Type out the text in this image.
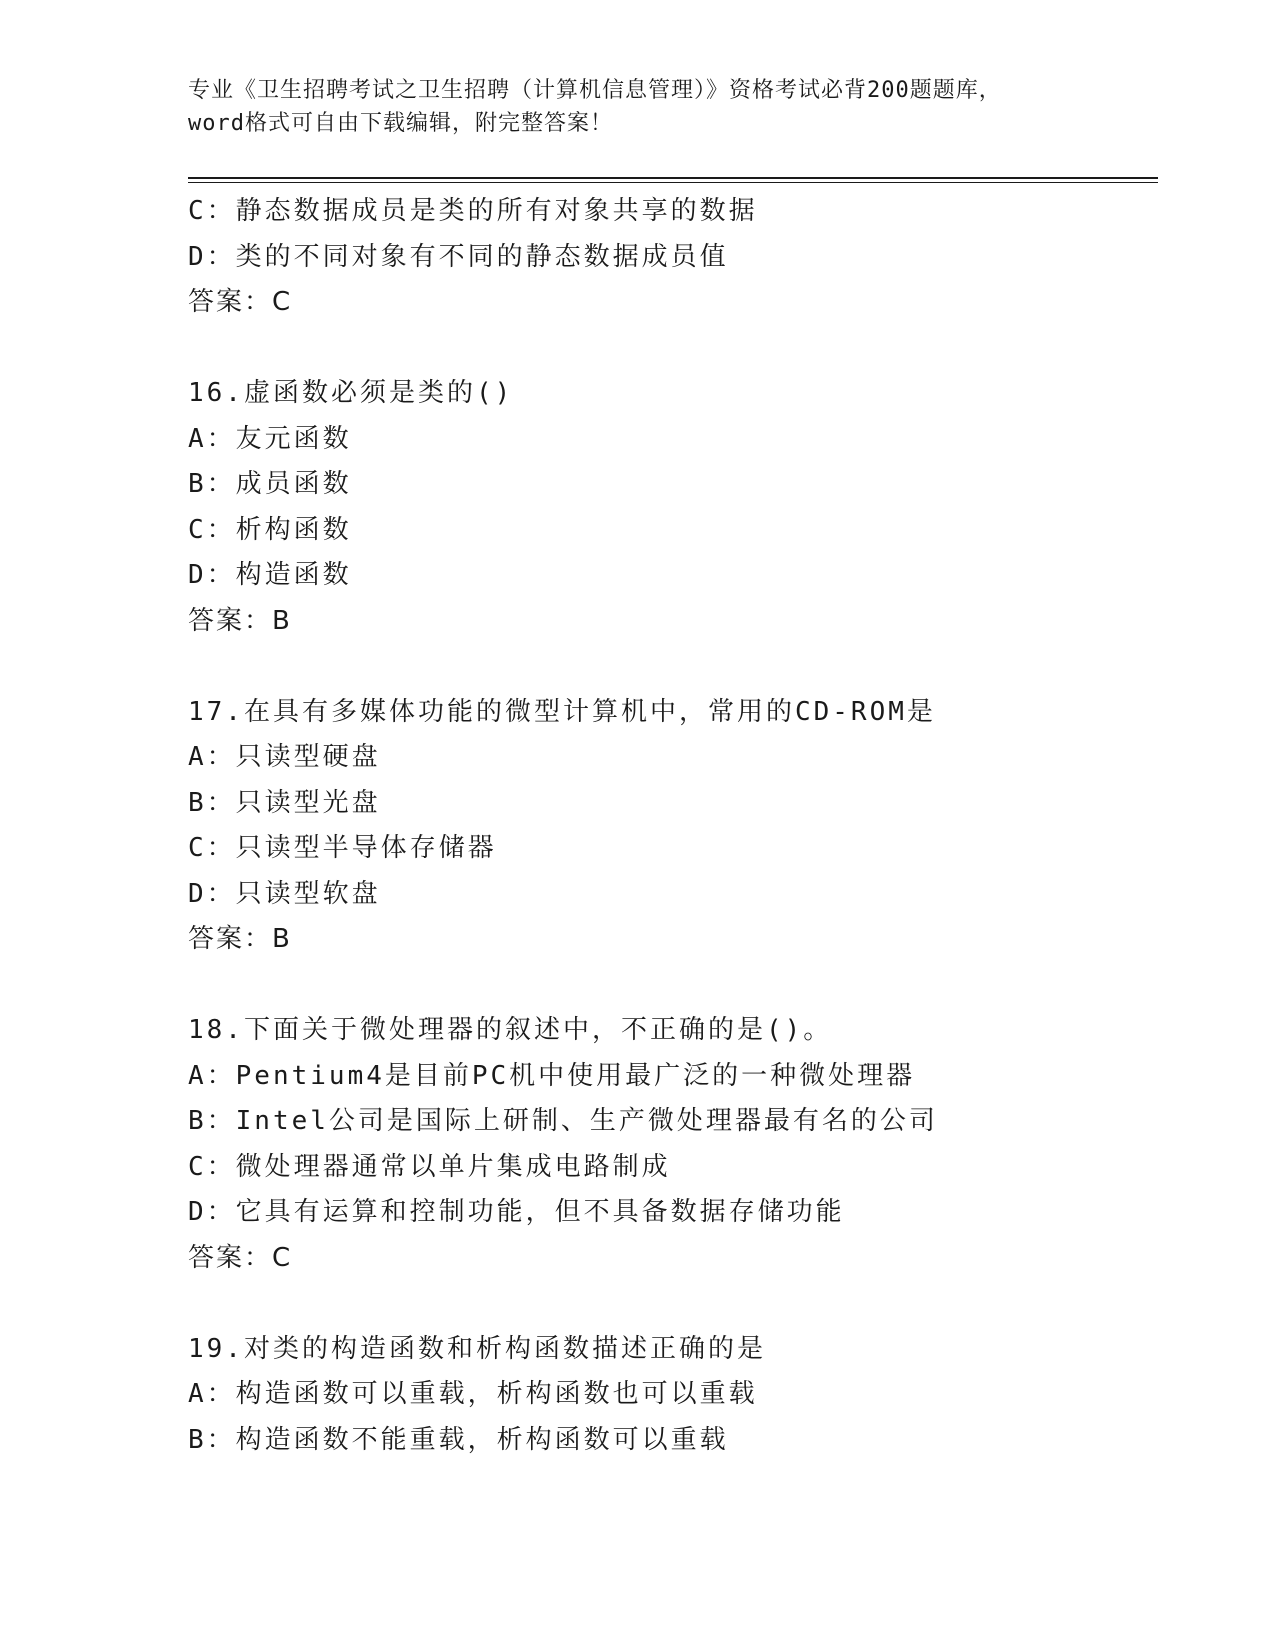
专业《卫生招聘考试之卫生招聘（计算机信息管理）》资格考试必背200题题库，
word格式可自由下载编辑，附完整答案！
C：静态数据成员是类的所有对象共享的数据
D：类的不同对象有不同的静态数据成员值
答案：C
16.虚函数必须是类的()
A：友元函数
B：成员函数
C：析构函数
D：构造函数
答案：B
17.在具有多媒体功能的微型计算机中，常用的CD-ROM是
A：只读型硬盘
B：只读型光盘
C：只读型半导体存储器
D：只读型软盘
答案：B
18.下面关于微处理器的叙述中，不正确的是()。
A：Pentium4是目前PC机中使用最广泛的一种微处理器
B：Intel公司是国际上研制、生产微处理器最有名的公司
C：微处理器通常以单片集成电路制成
D：它具有运算和控制功能，但不具备数据存储功能
答案：C
19.对类的构造函数和析构函数描述正确的是
A：构造函数可以重载，析构函数也可以重载
B：构造函数不能重载，析构函数可以重载
